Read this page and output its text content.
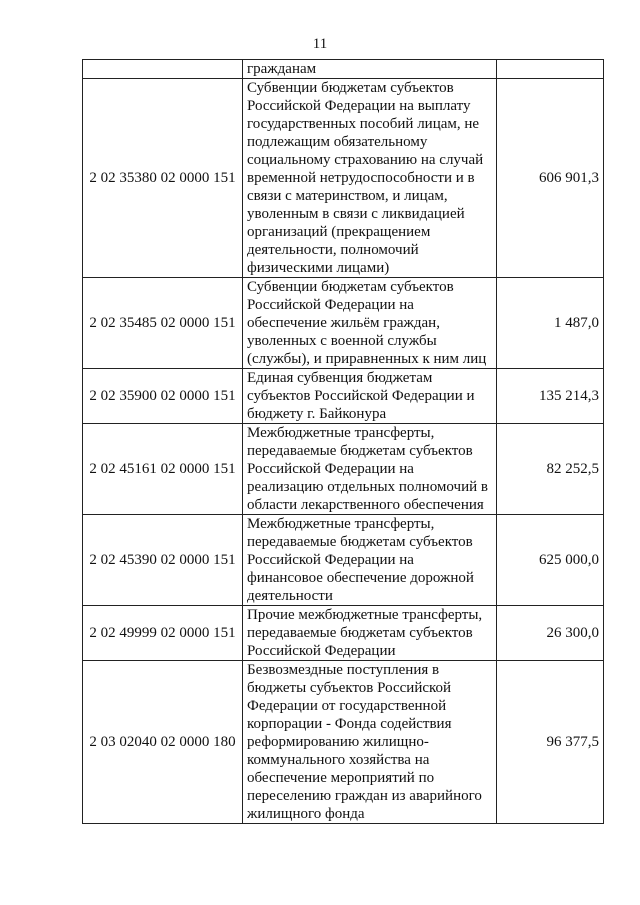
11
	гражданам	
2 02 35380 02 0000 151	Субвенции бюджетам субъектов Российской Федерации на выплату государственных пособий лицам, не подлежащим обязательному социальному страхованию на случай временной нетрудоспособности и в связи с материнством, и лицам, уволенным в связи с ликвидацией организаций (прекращением деятельности, полномочий физическими лицами)	606 901,3
2 02 35485 02 0000 151	Субвенции бюджетам субъектов Российской Федерации на обеспечение жильём граждан, уволенных с военной службы (службы), и приравненных к ним лиц	1 487,0
2 02 35900 02 0000 151	Единая субвенция бюджетам субъектов Российской Федерации и бюджету г. Байконура	135 214,3
2 02 45161 02 0000 151	Межбюджетные трансферты, передаваемые бюджетам субъектов Российской Федерации на реализацию отдельных полномочий в области лекарственного обеспечения	82 252,5
2 02 45390 02 0000 151	Межбюджетные трансферты, передаваемые бюджетам субъектов Российской Федерации на финансовое обеспечение дорожной деятельности	625 000,0
2 02 49999 02 0000 151	Прочие межбюджетные трансферты, передаваемые бюджетам субъектов Российской Федерации	26 300,0
2 03 02040 02 0000 180	Безвозмездные поступления в бюджеты субъектов Российской Федерации от государственной корпорации - Фонда содействия реформированию жилищно-коммунального хозяйства на обеспечение мероприятий по переселению граждан из аварийного жилищного фонда	96 377,5
